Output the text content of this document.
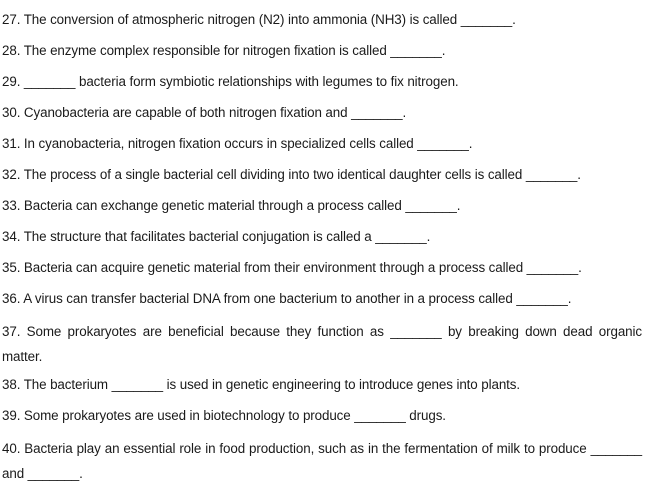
27. The conversion of atmospheric nitrogen (N2) into ammonia (NH3) is called _______.
28. The enzyme complex responsible for nitrogen fixation is called _______.
29. _______ bacteria form symbiotic relationships with legumes to fix nitrogen.
30. Cyanobacteria are capable of both nitrogen fixation and _______.
31. In cyanobacteria, nitrogen fixation occurs in specialized cells called _______.
32. The process of a single bacterial cell dividing into two identical daughter cells is called _______.
33. Bacteria can exchange genetic material through a process called _______.
34. The structure that facilitates bacterial conjugation is called a _______.
35. Bacteria can acquire genetic material from their environment through a process called _______.
36. A virus can transfer bacterial DNA from one bacterium to another in a process called _______.
37. Some prokaryotes are beneficial because they function as _______ by breaking down dead organic matter.
38. The bacterium _______ is used in genetic engineering to introduce genes into plants.
39. Some prokaryotes are used in biotechnology to produce _______ drugs.
40. Bacteria play an essential role in food production, such as in the fermentation of milk to produce _______ and _______.
